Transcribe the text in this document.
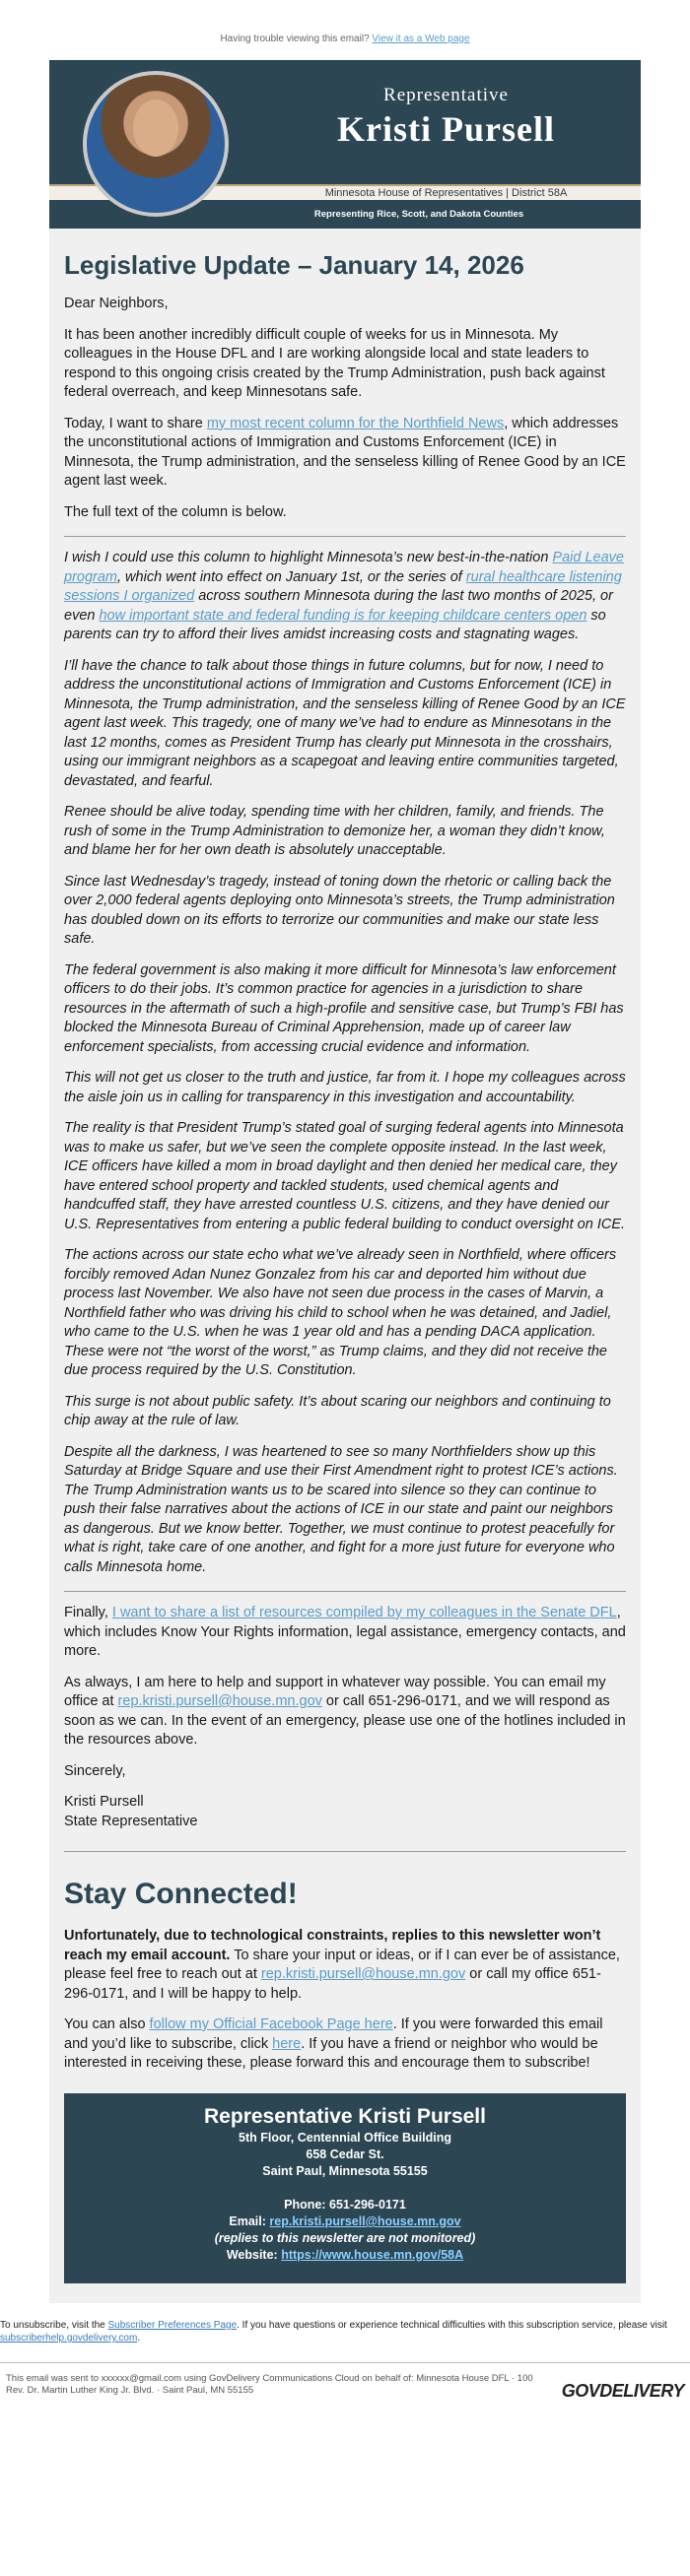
Having trouble viewing this email? View it as a Web page
Representative
Kristi Pursell
Minnesota House of Representatives | District 58A
Representing Rice, Scott, and Dakota Counties
Legislative Update – January 14, 2026

Dear Neighbors,

It has been another incredibly difficult couple of weeks for us in Minnesota. My colleagues in the House DFL and I are working alongside local and state leaders to respond to this ongoing crisis created by the Trump Administration, push back against federal overreach, and keep Minnesotans safe.

Today, I want to share my most recent column for the Northfield News, which addresses the unconstitutional actions of Immigration and Customs Enforcement (ICE) in Minnesota, the Trump administration, and the senseless killing of Renee Good by an ICE agent last week.

The full text of the column is below.

I wish I could use this column to highlight Minnesota’s new best-in-the-nation Paid Leave program, which went into effect on January 1st, or the series of rural healthcare listening sessions I organized across southern Minnesota during the last two months of 2025, or even how important state and federal funding is for keeping childcare centers open so parents can try to afford their lives amidst increasing costs and stagnating wages.

I’ll have the chance to talk about those things in future columns, but for now, I need to address the unconstitutional actions of Immigration and Customs Enforcement (ICE) in Minnesota, the Trump administration, and the senseless killing of Renee Good by an ICE agent last week. This tragedy, one of many we’ve had to endure as Minnesotans in the last 12 months, comes as President Trump has clearly put Minnesota in the crosshairs, using our immigrant neighbors as a scapegoat and leaving entire communities targeted, devastated, and fearful.

Renee should be alive today, spending time with her children, family, and friends. The rush of some in the Trump Administration to demonize her, a woman they didn’t know, and blame her for her own death is absolutely unacceptable.

Since last Wednesday’s tragedy, instead of toning down the rhetoric or calling back the over 2,000 federal agents deploying onto Minnesota’s streets, the Trump administration has doubled down on its efforts to terrorize our communities and make our state less safe.

The federal government is also making it more difficult for Minnesota’s law enforcement officers to do their jobs. It’s common practice for agencies in a jurisdiction to share resources in the aftermath of such a high-profile and sensitive case, but Trump’s FBI has blocked the Minnesota Bureau of Criminal Apprehension, made up of career law enforcement specialists, from accessing crucial evidence and information.

This will not get us closer to the truth and justice, far from it. I hope my colleagues across the aisle join us in calling for transparency in this investigation and accountability.

The reality is that President Trump’s stated goal of surging federal agents into Minnesota was to make us safer, but we’ve seen the complete opposite instead. In the last week, ICE officers have killed a mom in broad daylight and then denied her medical care, they have entered school property and tackled students, used chemical agents and handcuffed staff, they have arrested countless U.S. citizens, and they have denied our U.S. Representatives from entering a public federal building to conduct oversight on ICE.

The actions across our state echo what we’ve already seen in Northfield, where officers forcibly removed Adan Nunez Gonzalez from his car and deported him without due process last November. We also have not seen due process in the cases of Marvin, a Northfield father who was driving his child to school when he was detained, and Jadiel, who came to the U.S. when he was 1 year old and has a pending DACA application. These were not “the worst of the worst,” as Trump claims, and they did not receive the due process required by the U.S. Constitution.

This surge is not about public safety. It’s about scaring our neighbors and continuing to chip away at the rule of law.

Despite all the darkness, I was heartened to see so many Northfielders show up this Saturday at Bridge Square and use their First Amendment right to protest ICE’s actions. The Trump Administration wants us to be scared into silence so they can continue to push their false narratives about the actions of ICE in our state and paint our neighbors as dangerous. But we know better. Together, we must continue to protest peacefully for what is right, take care of one another, and fight for a more just future for everyone who calls Minnesota home.

Finally, I want to share a list of resources compiled by my colleagues in the Senate DFL, which includes Know Your Rights information, legal assistance, emergency contacts, and more.

As always, I am here to help and support in whatever way possible. You can email my office at rep.kristi.pursell@house.mn.gov or call 651-296-0171, and we will respond as soon as we can. In the event of an emergency, please use one of the hotlines included in the resources above.

Sincerely,

Kristi Pursell

State Representative

Stay Connected!

Unfortunately, due to technological constraints, replies to this newsletter won’t reach my email account. To share your input or ideas, or if I can ever be of assistance, please feel free to reach out at rep.kristi.pursell@house.mn.gov or call my office 651-296-0171, and I will be happy to help.

You can also follow my Official Facebook Page here. If you were forwarded this email and you’d like to subscribe, click here. If you have a friend or neighbor who would be interested in receiving these, please forward this and encourage them to subscribe!

Representative Kristi Pursell
5th Floor, Centennial Office Building
658 Cedar St.
Saint Paul, Minnesota 55155
Phone: 651-296-0171
Email: rep.kristi.pursell@house.mn.gov
(replies to this newsletter are not monitored)
Website: https://www.house.mn.gov/58A
To unsubscribe, visit the Subscriber Preferences Page. If you have questions or experience technical difficulties with this subscription service, please visit subscriberhelp.govdelivery.com.
This email was sent to xxxxxx@gmail.com using GovDelivery Communications Cloud on behalf of: Minnesota House DFL · 100
Rev. Dr. Martin Luther King Jr. Blvd. · Saint Paul, MN 55155	GOVDELIVERY
